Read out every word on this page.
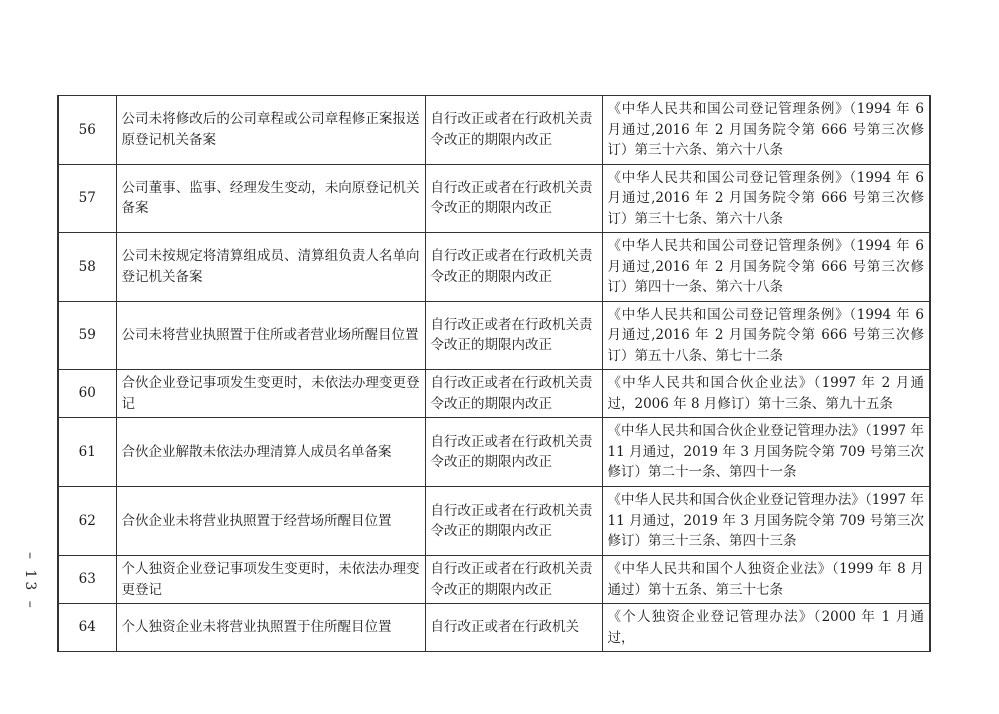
– 13 –
56	公司未将修改后的公司章程或公司章程修正案报送原登记机关备案	自行改正或者在行政机关责令改正的期限内改正	《中华人民共和国公司登记管理条例》（1994 年 6 月通过,2016 年 2 月国务院令第 666 号第三次修订）第三十六条、第六十八条
57	公司董事、监事、经理发生变动，未向原登记机关备案	自行改正或者在行政机关责令改正的期限内改正	《中华人民共和国公司登记管理条例》（1994 年 6 月通过,2016 年 2 月国务院令第 666 号第三次修订）第三十七条、第六十八条
58	公司未按规定将清算组成员、清算组负责人名单向登记机关备案	自行改正或者在行政机关责令改正的期限内改正	《中华人民共和国公司登记管理条例》（1994 年 6 月通过,2016 年 2 月国务院令第 666 号第三次修订）第四十一条、第六十八条
59	公司未将营业执照置于住所或者营业场所醒目位置	自行改正或者在行政机关责令改正的期限内改正	《中华人民共和国公司登记管理条例》（1994 年 6 月通过,2016 年 2 月国务院令第 666 号第三次修订）第五十八条、第七十二条
60	合伙企业登记事项发生变更时，未依法办理变更登记	自行改正或者在行政机关责令改正的期限内改正	《中华人民共和国合伙企业法》（1997 年 2 月通过，2006 年 8 月修订）第十三条、第九十五条
61	合伙企业解散未依法办理清算人成员名单备案	自行改正或者在行政机关责令改正的期限内改正	《中华人民共和国合伙企业登记管理办法》（1997 年 11 月通过，2019 年 3 月国务院令第 709 号第三次修订）第二十一条、第四十一条
62	合伙企业未将营业执照置于经营场所醒目位置	自行改正或者在行政机关责令改正的期限内改正	《中华人民共和国合伙企业登记管理办法》（1997 年 11 月通过，2019 年 3 月国务院令第 709 号第三次修订）第三十三条、第四十三条
63	个人独资企业登记事项发生变更时，未依法办理变更登记	自行改正或者在行政机关责令改正的期限内改正	《中华人民共和国个人独资企业法》（1999 年 8 月通过）第十五条、第三十七条
64	个人独资企业未将营业执照置于住所醒目位置	自行改正或者在行政机关	《个人独资企业登记管理办法》（2000 年 1 月通过，
